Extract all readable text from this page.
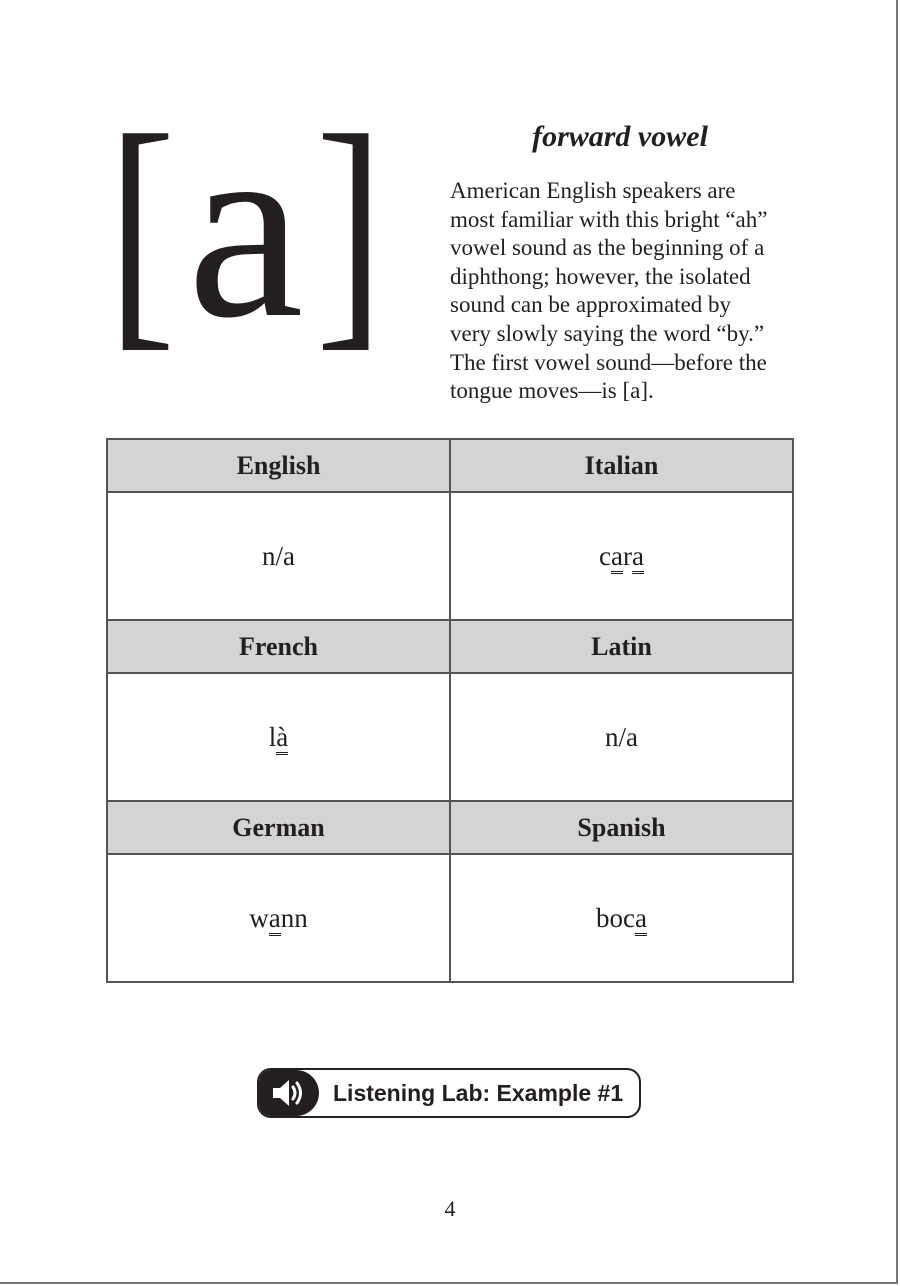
[ a ]	forward vowel
American English speakers are
most familiar with this bright “ah”
vowel sound as the beginning of a
diphthong; however, the isolated
sound can be approximated by
very slowly saying the word “by.”
The first vowel sound—before the
tongue moves—is [a].
English	Italian
n/a	cara
French	Latin
là	n/a
German	Spanish
wann	boca
Listening Lab: Example #1
4
